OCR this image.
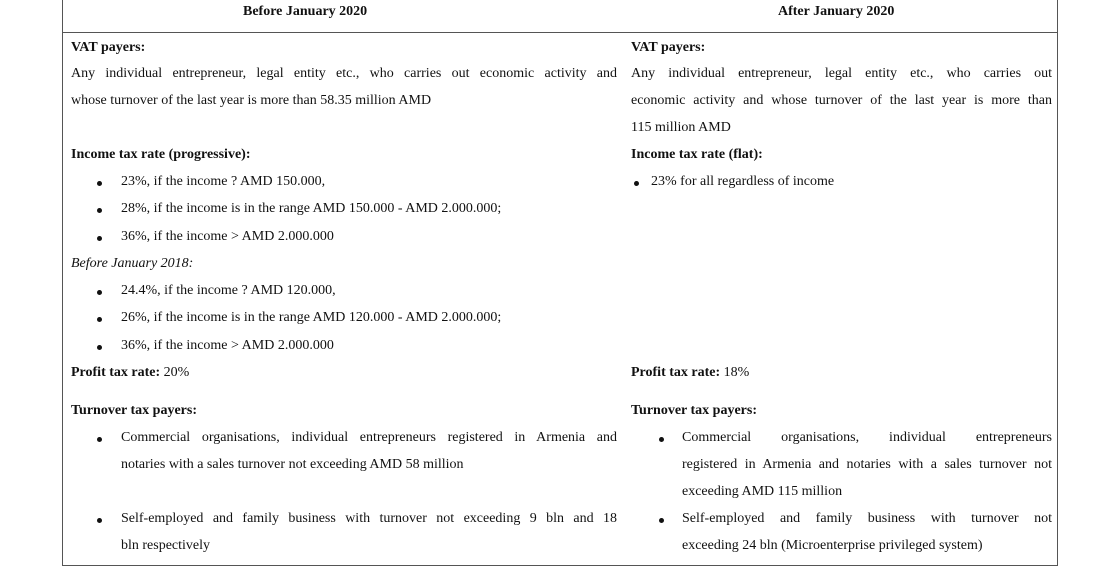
Before January 2020	After January 2020
VAT payers:
Any individual entrepreneur, legal entity etc., who carries out economic activity and
whose turnover of the last year is more than 58.35 million AMD
Income tax rate (progressive):
23%, if the income ? AMD 150.000,
28%, if the income is in the range AMD 150.000 - AMD 2.000.000;
36%, if the income > AMD 2.000.000
Before January 2018:
24.4%, if the income ? AMD 120.000,
26%, if the income is in the range AMD 120.000 - AMD 2.000.000;
36%, if the income > AMD 2.000.000
Profit tax rate: 20%
Turnover tax payers:
Commercial organisations, individual entrepreneurs registered in Armenia and
notaries with a sales turnover not exceeding AMD 58 million
Self-employed and family business with turnover not exceeding 9 bln and 18
bln respectively
VAT payers:
Any individual entrepreneur, legal entity etc., who carries out
economic activity and whose turnover of the last year is more than
115 million AMD
Income tax rate (flat):
23% for all regardless of income
Profit tax rate: 18%
Turnover tax payers:
Commercial organisations, individual entrepreneurs
registered in Armenia and notaries with a sales turnover not
exceeding AMD 115 million
Self-employed and family business with turnover not
exceeding 24 bln (Microenterprise privileged system)
